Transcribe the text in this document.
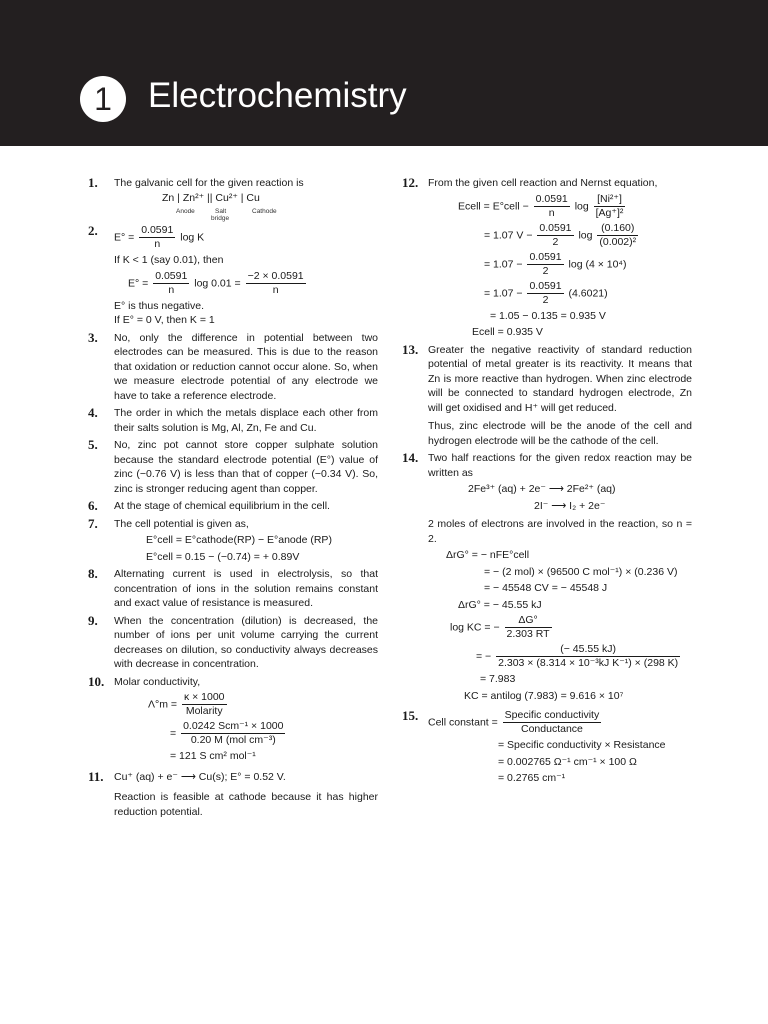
1	Electrochemistry
1. The galvanic cell for the given reaction is

Zn | Zn²⁺ || Cu²⁺ | Cu
Anode	Salt
bridge
Cathode
2. $E^\circ = \frac{0.0591}{n}$ log K
If K < 1 (say 0.01), then
$E^\circ = \frac{0.0591}{n}$ $\log 0.01 = \frac{-2 \times 0.0591}{n}$
E° is thus negative.
If E° = 0 V, then K = 1
3. No, only the difference in potential between two electrodes can be measured. This is due to the reason that oxidation or reduction cannot occur alone. So, when we measure electrode potential of any electrode we have to take a reference electrode.

4. The order in which the metals displace each other from their salts solution is Mg, Al, Zn, Fe and Cu.

5. No, zinc pot cannot store copper sulphate solution because the standard electrode potential (E°) value of zinc (−0.76 V) is less than that of copper (−0.34 V). So, zinc is stronger reducing agent than copper.

6. At the stage of chemical equilibrium in the cell.

7. The cell potential is given as,

E°cell = E°cathode(RP) − E°anode (RP)
E°cell = 0.15 − (−0.74) = + 0.89V
8. Alternating current is used in electrolysis, so that concentration of ions in the solution remains constant and exact value of resistance is measured.

9. When the concentration (dilution) is decreased, the number of ions per unit volume carrying the current decreases on dilution, so conductivity always decreases with decrease in concentration.

10. Molar conductivity,

$\Lambda^\circ m = \frac{\kappa \times 1000}{\text{Molarity}}$
= $\frac{\text{0.0242 Scm⁻¹ × 1000}}{\text{0.20 M (mol cm⁻³)}}$
= 121 S cm² mol⁻¹
11. Cu⁺ (aq) + e⁻ ⟶ Cu(s); E° = 0.52 V.

Reaction is feasible at cathode because it has higher reduction potential.

12. From the given cell reaction and Nernst equation,

Ecell = E°cell − $\frac{0.0591}{n}$ $\log \frac{\text{[Ni²⁺]}}{\text{[Ag⁺]²}}$
= 1.07 $V - \frac{0.0591}{2}$ $\log \frac{(0.160)}{\text{(0.002)²}}$
= $1.07 - \frac{0.0591}{2}$ log (4 × 10⁴)
= $1.07 - \frac{0.0591}{2} (4.6021)$
= 1.05 − 0.135 = 0.935 V
Ecell = 0.935 V
13. Greater the negative reactivity of standard reduction potential of metal greater is its reactivity. It means that Zn is more reactive than hydrogen. When zinc electrode will be connected to standard hydrogen electrode, Zn will get oxidised and H⁺ will get reduced.

Thus, zinc electrode will be the anode of the cell and hydrogen electrode will be the cathode of the cell.

14. Two half reactions for the given redox reaction may be written as

2Fe³⁺ (aq) + 2e⁻ ⟶ 2Fe²⁺ (aq)
2I⁻ ⟶ I₂ + 2e⁻

2 moles of electrons are involved in the reaction, so n = 2.

ΔrG° = − nFE°cell
= − (2 mol) × (96500 C mol⁻¹) × (0.236 V)
= − 45548 CV = − 45548 J
ΔrG° = − 45.55 kJ
log KC = − $\frac{\Delta G^\circ}{2.303 RT}$
= − $\frac{(- 45.55 kJ)}{\text{2.303 × (8.314 × 10⁻³kJ K⁻¹) × (298 K)}}$
= 7.983
KC = antilog (7.983) = 9.616 × 10⁷
15. Cell constant = $\frac{\text{Specific conductivity}}{\text{Conductance}}$
= Specific conductivity × Resistance
= 0.002765 Ω⁻¹ cm⁻¹ × 100 Ω
= 0.2765 cm⁻¹
